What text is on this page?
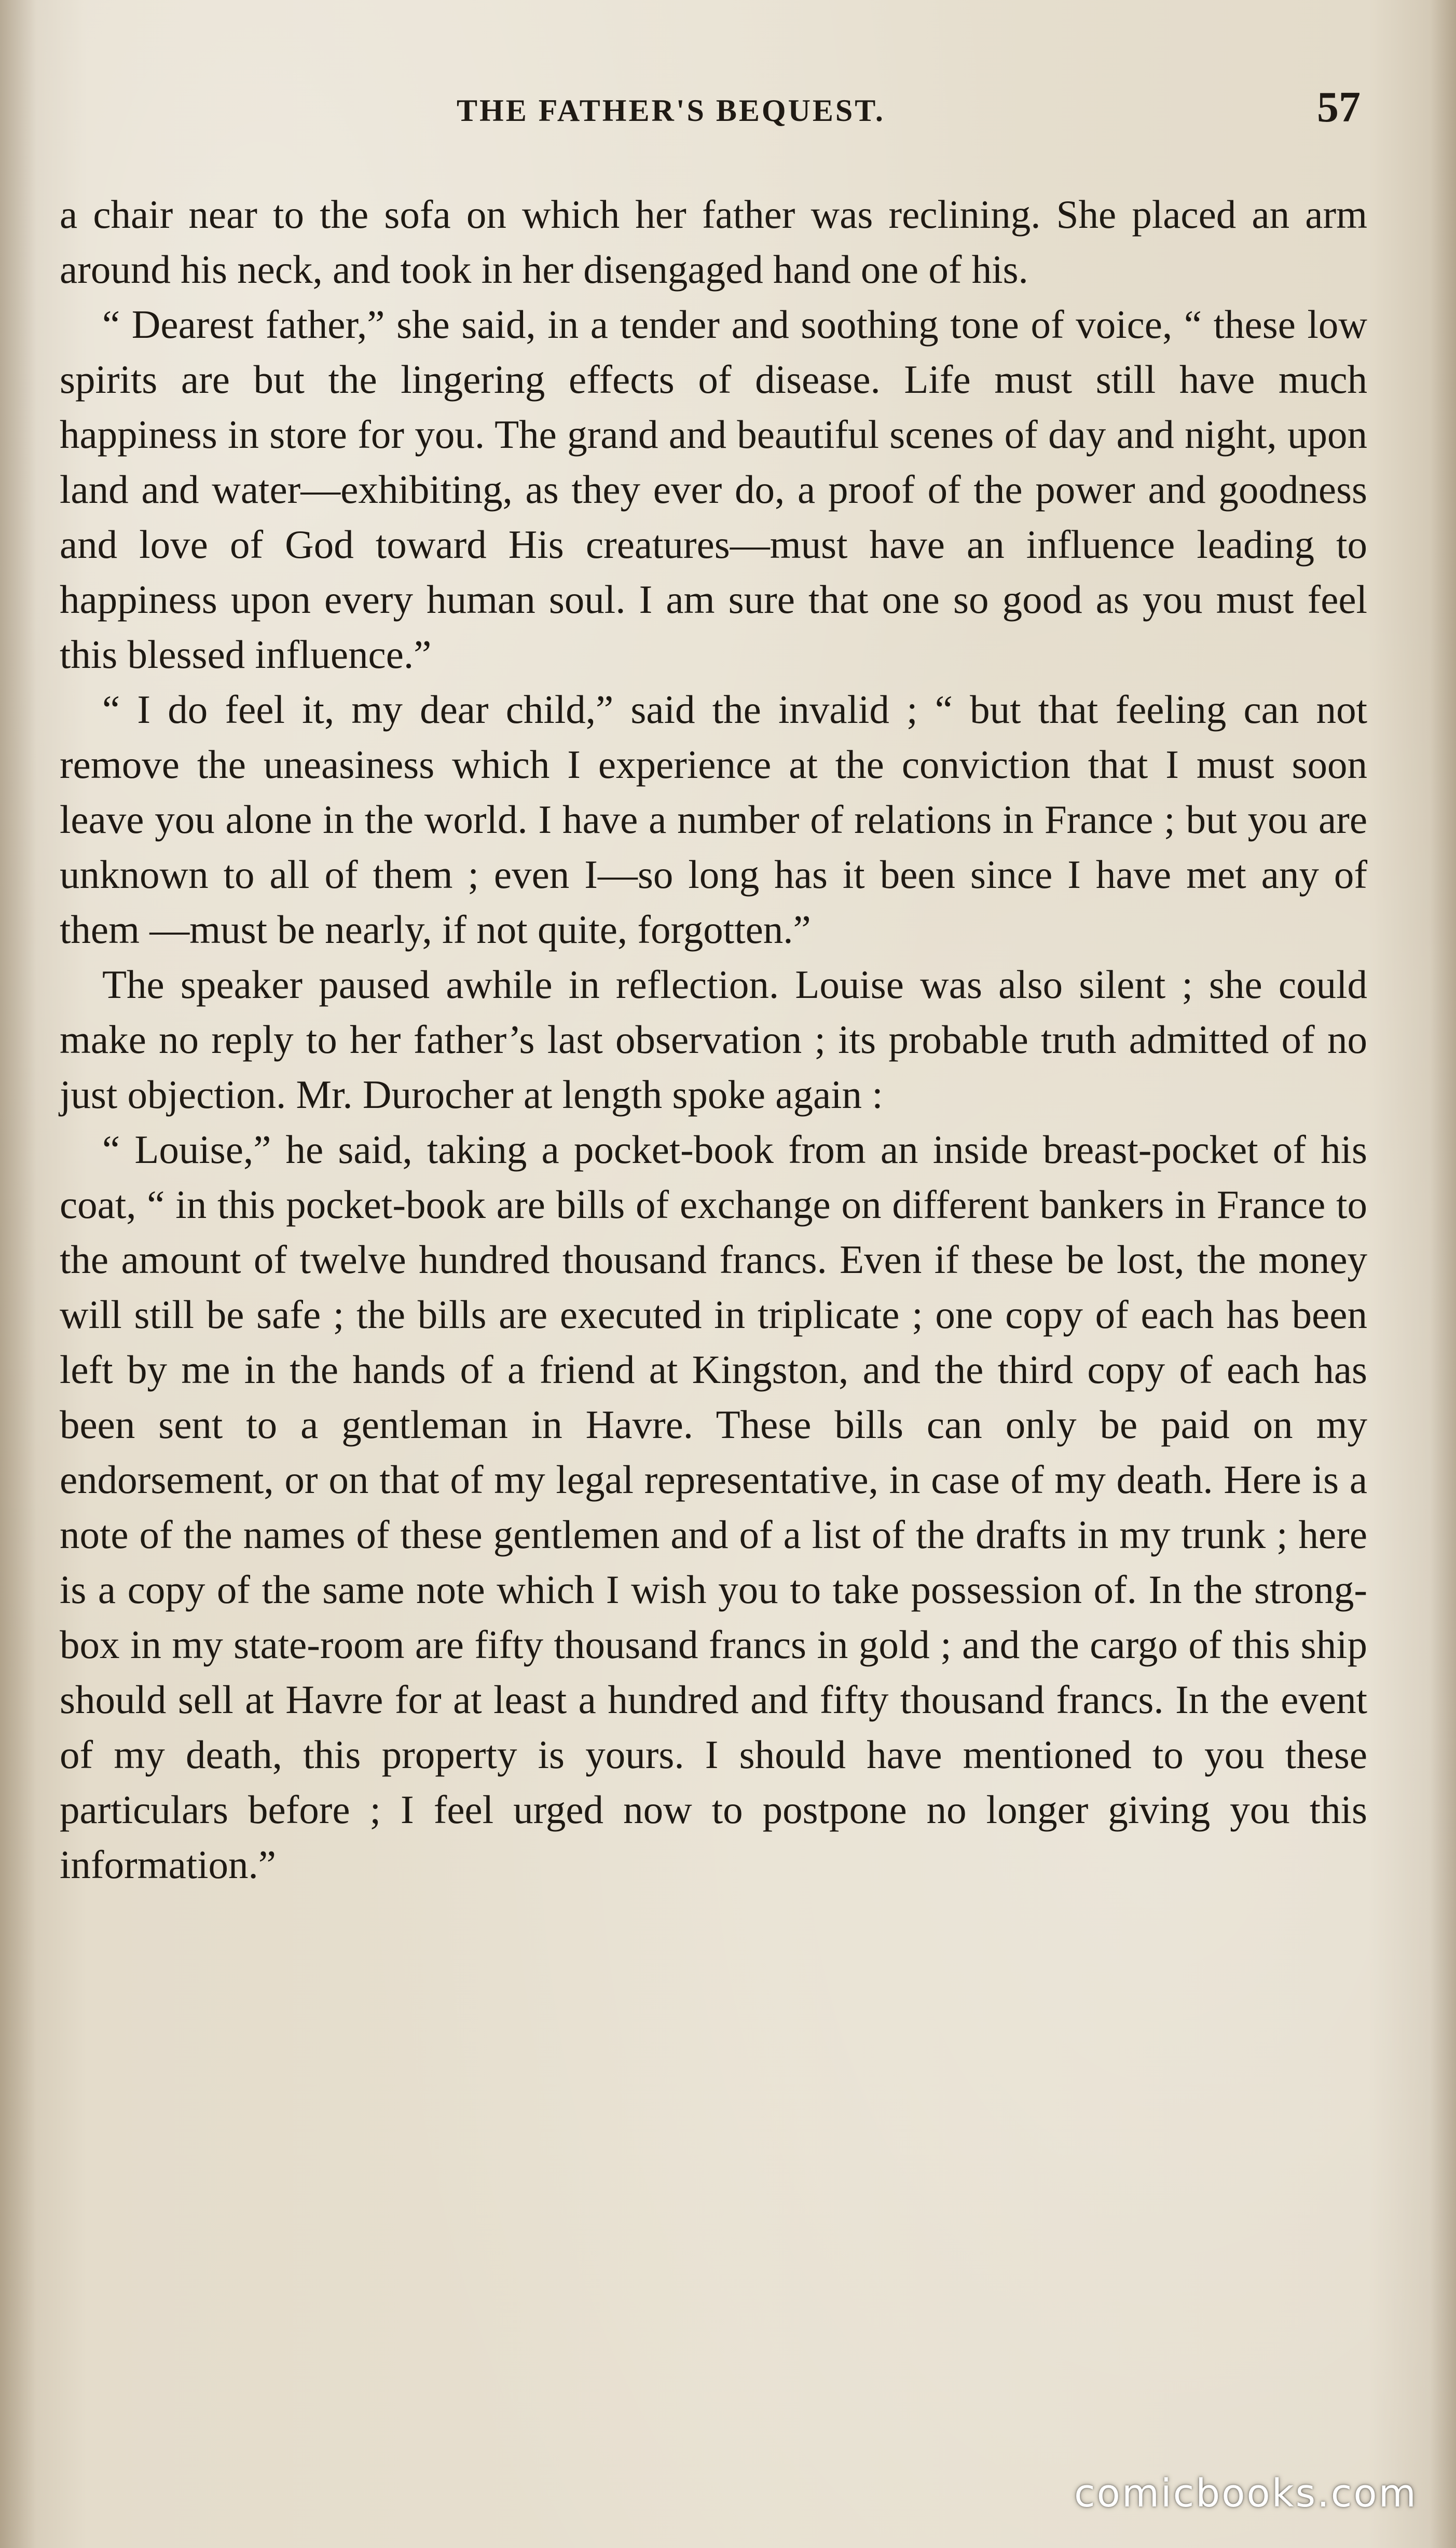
THE FATHER'S BEQUEST.	57

a chair near to the sofa on which her father was reclining. She placed an arm around his neck, and took in her disengaged hand one of his.

“ Dearest father,” she said, in a tender and soothing tone of voice, “ these low spirits are but the lingering effects of disease. Life must still have much happiness in store for you. The grand and beautiful scenes of day and night, upon land and water—exhibiting, as they ever do, a proof of the power and goodness and love of God toward His creatures—must have an influence leading to happiness upon every human soul. I am sure that one so good as you must feel this blessed influence.”

“ I do feel it, my dear child,” said the invalid ; “ but that feeling can not remove the uneasiness which I experience at the conviction that I must soon leave you alone in the world. I have a number of relations in France ; but you are unknown to all of them ; even I—so long has it been since I have met any of them —must be nearly, if not quite, forgotten.”

The speaker paused awhile in reflection. Louise was also silent ; she could make no reply to her father’s last observation ; its probable truth admitted of no just objection. Mr. Durocher at length spoke again :

“ Louise,” he said, taking a pocket-book from an inside breast-pocket of his coat, “ in this pocket-book are bills of exchange on different bankers in France to the amount of twelve hundred thousand francs. Even if these be lost, the money will still be safe ; the bills are executed in triplicate ; one copy of each has been left by me in the hands of a friend at Kingston, and the third copy of each has been sent to a gentleman in Havre. These bills can only be paid on my endorsement, or on that of my legal representative, in case of my death. Here is a note of the names of these gentlemen and of a list of the drafts in my trunk ; here is a copy of the same note which I wish you to take possession of. In the strong-box in my state-room are fifty thousand francs in gold ; and the cargo of this ship should sell at Havre for at least a hundred and fifty thousand francs. In the event of my death, this property is yours. I should have mentioned to you these particulars before ; I feel urged now to postpone no longer giving you this information.”

comicbooks.com
